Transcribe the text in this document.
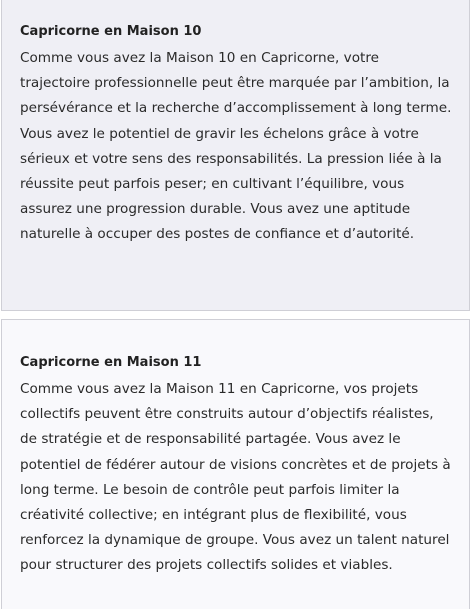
Capricorne en Maison 10

Comme vous avez la Maison 10 en Capricorne, votre trajectoire professionnelle peut être marquée par l’ambition, la persévérance et la recherche d’accomplissement à long terme. Vous avez le potentiel de gravir les échelons grâce à votre sérieux et votre sens des responsabilités. La pression liée à la réussite peut parfois peser; en cultivant l’équilibre, vous assurez une progression durable. Vous avez une aptitude naturelle à occuper des postes de confiance et d’autorité.

Capricorne en Maison 11

Comme vous avez la Maison 11 en Capricorne, vos projets collectifs peuvent être construits autour d’objectifs réalistes, de stratégie et de responsabilité partagée. Vous avez le potentiel de fédérer autour de visions concrètes et de projets à long terme. Le besoin de contrôle peut parfois limiter la créativité collective; en intégrant plus de flexibilité, vous renforcez la dynamique de groupe. Vous avez un talent naturel pour structurer des projets collectifs solides et viables.
